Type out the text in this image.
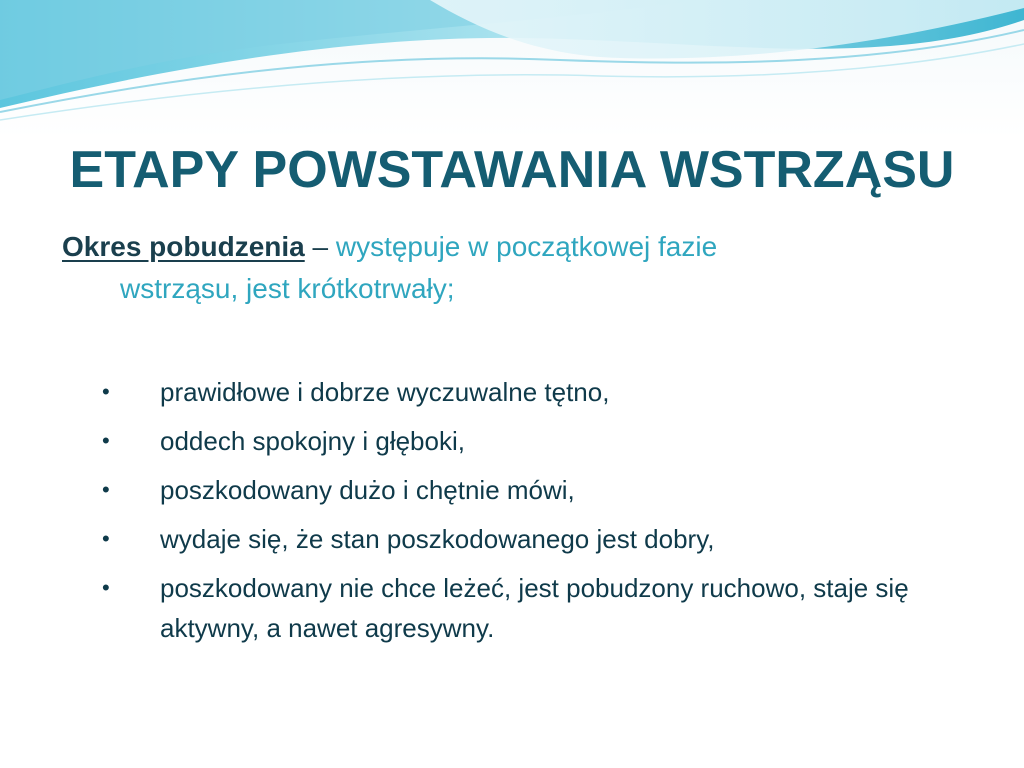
ETAPY POWSTAWANIA WSTRZĄSU
Okres pobudzenia – występuje w początkowej fazie
wstrząsu, jest krótkotrwały;
• prawidłowe i dobrze wyczuwalne tętno,
• oddech spokojny i głęboki,
• poszkodowany dużo i chętnie mówi,
• wydaje się, że stan poszkodowanego jest dobry,
• poszkodowany nie chce leżeć, jest pobudzony ruchowo, staje się aktywny, a nawet agresywny.
